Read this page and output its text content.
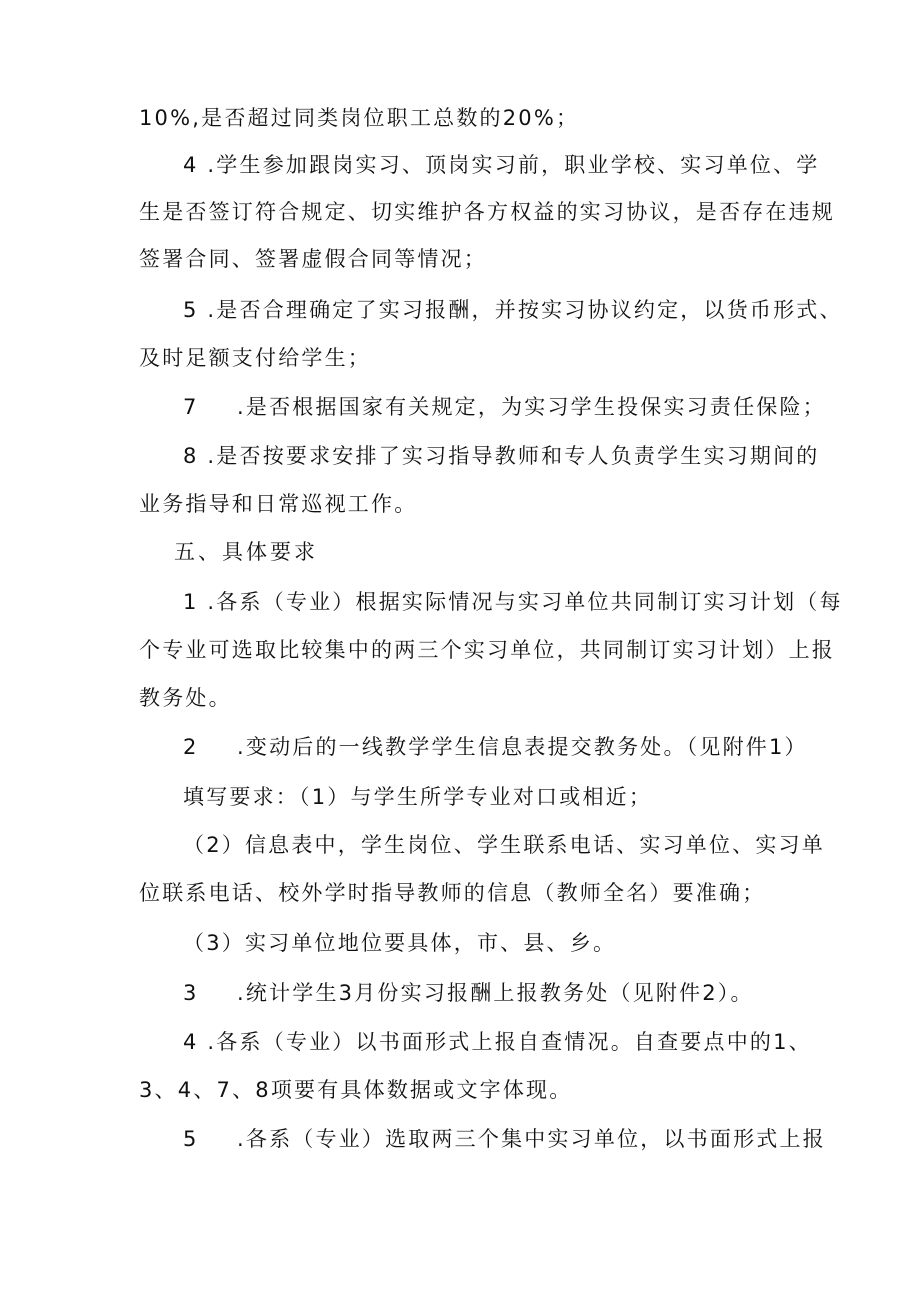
10%,是否超过同类岗位职工总数的20%；
4 .学生参加跟岗实习、顶岗实习前，职业学校、实习单位、学
生是否签订符合规定、切实维护各方权益的实习协议，是否存在违规
签署合同、签署虚假合同等情况；
5 .是否合理确定了实习报酬，并按实习协议约定，以货币形式、
及时足额支付给学生；
7 .是否根据国家有关规定，为实习学生投保实习责任保险；
8 .是否按要求安排了实习指导教师和专人负责学生实习期间的
业务指导和日常巡视工作。
五、具体要求
1 .各系（专业）根据实际情况与实习单位共同制订实习计划（每
个专业可选取比较集中的两三个实习单位，共同制订实习计划）上报
教务处。
2 .变动后的一线教学学生信息表提交教务处。（见附件1）
填写要求：（1）与学生所学专业对口或相近；
（2）信息表中，学生岗位、学生联系电话、实习单位、实习单
位联系电话、校外学时指导教师的信息（教师全名）要准确；
（3）实习单位地位要具体，市、县、乡。
3 .统计学生3月份实习报酬上报教务处（见附件2）。
4 .各系（专业）以书面形式上报自查情况。自查要点中的1、
3、4、7、8项要有具体数据或文字体现。
5 .各系（专业）选取两三个集中实习单位，以书面形式上报
